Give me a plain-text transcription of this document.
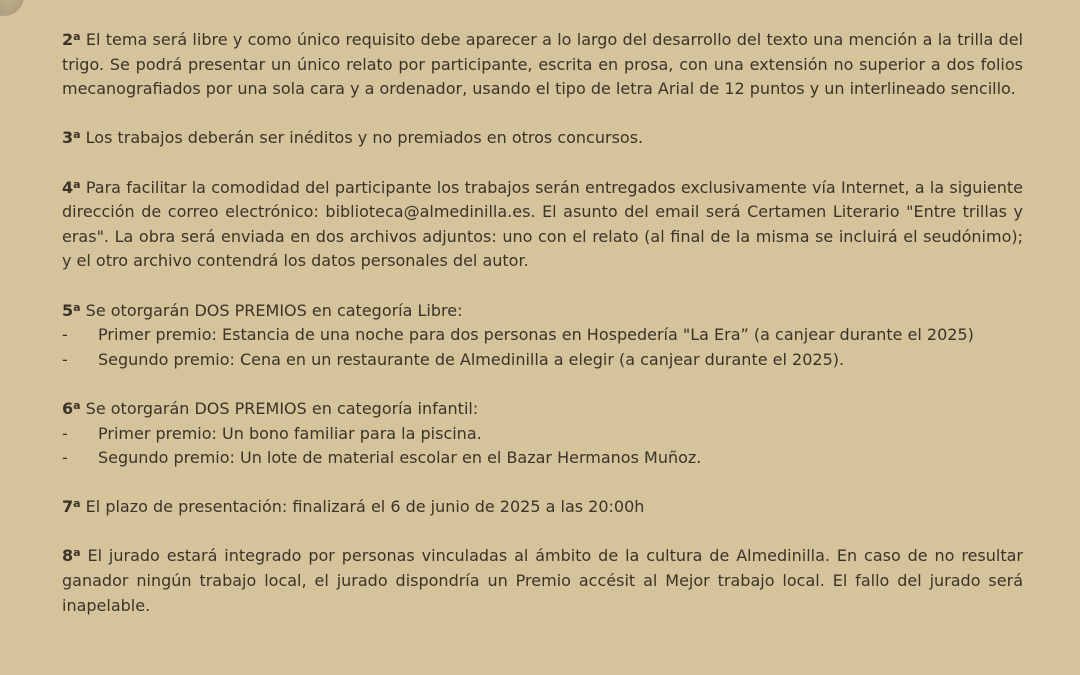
2$^a$ El tema será libre y como único requisito debe aparecer a lo largo del desarrollo del texto una mención a la trilla del trigo. Se podrá presentar un único relato por participante, escrita en prosa, con una extensión no superior a dos folios mecanografiados por una sola cara y a ordenador, usando el tipo de letra Arial de 12 puntos y un interlineado sencillo.

3$^a$ Los trabajos deberán ser inéditos y no premiados en otros concursos.

4$^a$ Para facilitar la comodidad del participante los trabajos serán entregados exclusivamente vía Internet, a la siguiente dirección de correo electrónico: biblioteca@almedinilla.es. El asunto del email será Certamen Literario "Entre trillas y eras". La obra será enviada en dos archivos adjuntos: uno con el relato (al final de la misma se incluirá el seudónimo); y el otro archivo contendrá los datos personales del autor.

5$^a$ Se otorgarán DOS PREMIOS en categoría Libre:
- Primer premio: Estancia de una noche para dos personas en Hospedería "La Era” (a canjear durante el 2025)
- Segundo premio: Cena en un restaurante de Almedinilla a elegir (a canjear durante el 2025).
6$^a$ Se otorgarán DOS PREMIOS en categoría infantil:
- Primer premio: Un bono familiar para la piscina.
- Segundo premio: Un lote de material escolar en el Bazar Hermanos Muñoz.

7$^a$ El plazo de presentación: finalizará el 6 de junio de 2025 a las 20:00h

8$^a$ El jurado estará integrado por personas vinculadas al ámbito de la cultura de Almedinilla. En caso de no resultar ganador ningún trabajo local, el jurado dispondría un Premio accésit al Mejor trabajo local. El fallo del jurado será inapelable.
